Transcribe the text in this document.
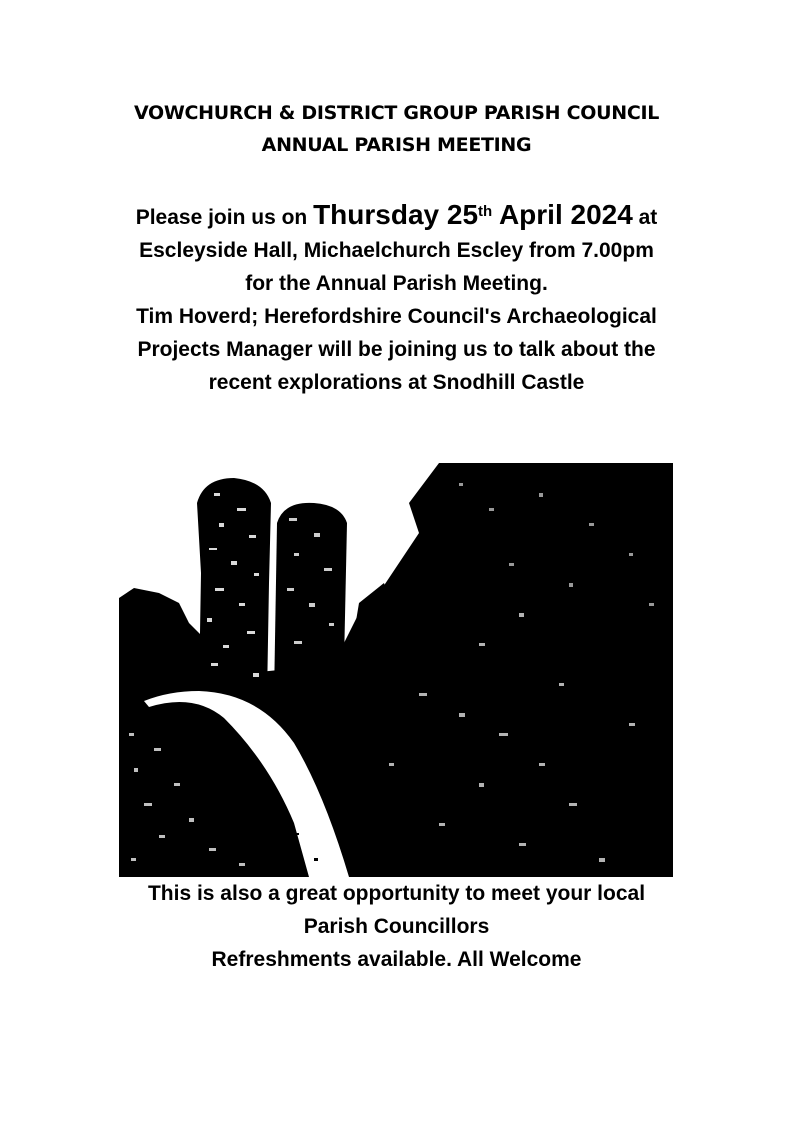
VOWCHURCH & DISTRICT GROUP PARISH COUNCIL
ANNUAL PARISH MEETING
Please join us on Thursday 25th April 2024 at
Escleyside Hall, Michaelchurch Escley from 7.00pm
for the Annual Parish Meeting.
Tim Hoverd; Herefordshire Council's Archaeological
Projects Manager will be joining us to talk about the
recent explorations at Snodhill Castle
This is also a great opportunity to meet your local
Parish Councillors
Refreshments available. All Welcome
